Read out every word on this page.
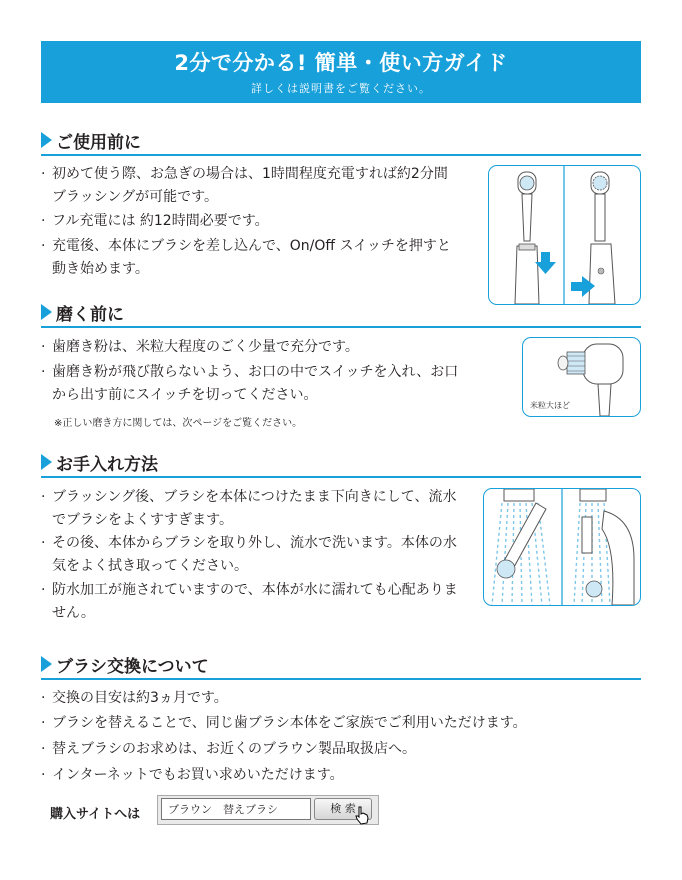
2分で分かる! 簡単・使い方ガイド
詳しくは説明書をご覧ください。
ご使用前に
· 初めて使う際、お急ぎの場合は、1時間程度充電すれば約2分間ブラッシングが可能です。
· フル充電には 約12時間必要です。
· 充電後、本体にブラシを差し込んで、On/Off スイッチを押すと動き始めます。
磨く前に
· 歯磨き粉は、米粒大程度のごく少量で充分です。
· 歯磨き粉が飛び散らないよう、お口の中でスイッチを入れ、お口から出す前にスイッチを切ってください。
※正しい磨き方に関しては、次ページをご覧ください。
米粒大ほど
お手入れ方法
· ブラッシング後、ブラシを本体につけたまま下向きにして、流水でブラシをよくすすぎます。
· その後、本体からブラシを取り外し、流水で洗います。本体の水気をよく拭き取ってください。
· 防水加工が施されていますので、本体が水に濡れても心配ありません。
ブラシ交換について
· 交換の目安は約3ヵ月です。
· ブラシを替えることで、同じ歯ブラシ本体をご家族でご利用いただけます。
· 替えブラシのお求めは、お近くのブラウン製品取扱店へ。
· インターネットでもお買い求めいただけます。
購入サイトへは	ブラウン　替えブラシ	検 索
